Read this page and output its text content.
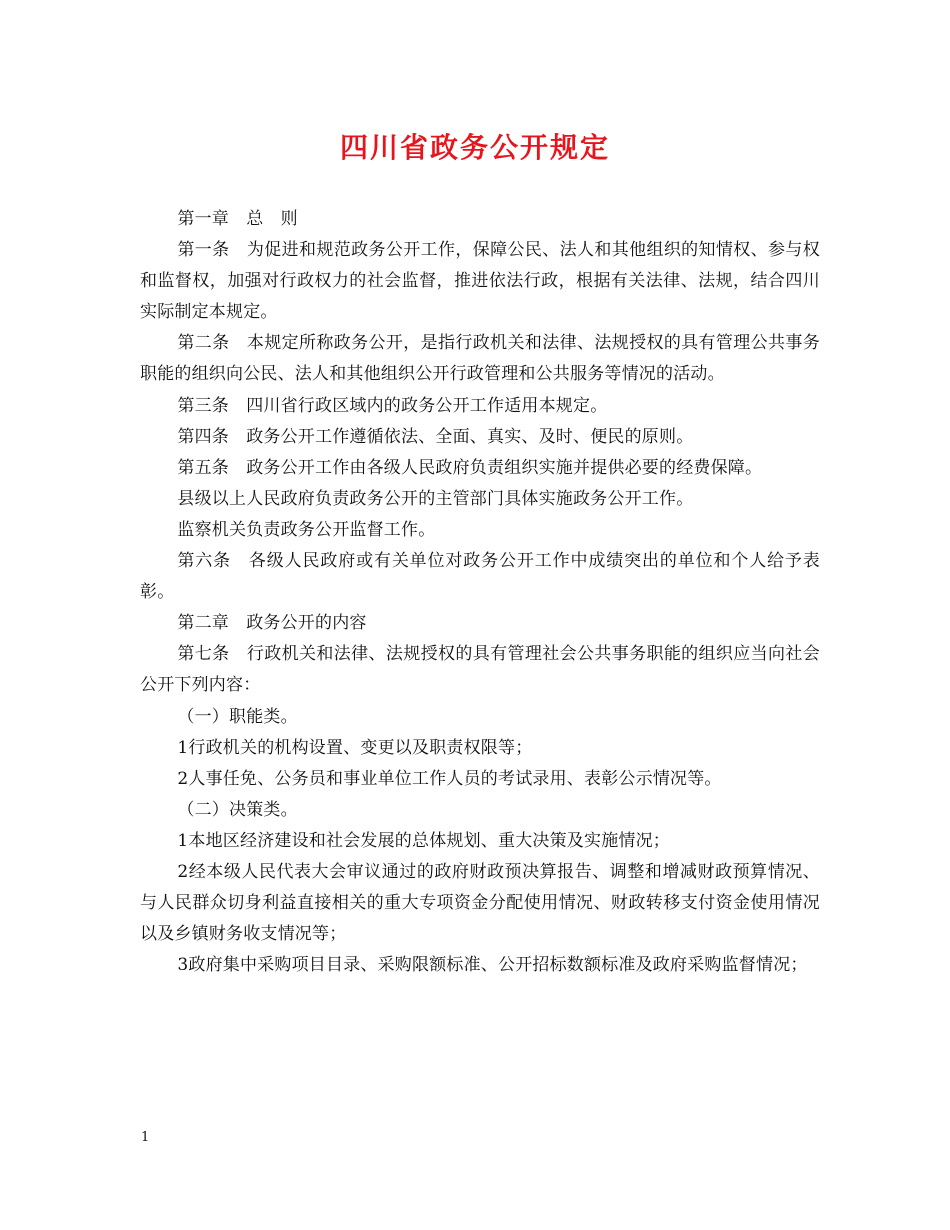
四川省政务公开规定

第一章　总　则

第一条　为促进和规范政务公开工作，保障公民、法人和其他组织的知情权、参与权和监督权，加强对行政权力的社会监督，推进依法行政，根据有关法律、法规，结合四川实际制定本规定。

第二条　本规定所称政务公开，是指行政机关和法律、法规授权的具有管理公共事务职能的组织向公民、法人和其他组织公开行政管理和公共服务等情况的活动。

第三条　四川省行政区域内的政务公开工作适用本规定。

第四条　政务公开工作遵循依法、全面、真实、及时、便民的原则。

第五条　政务公开工作由各级人民政府负责组织实施并提供必要的经费保障。

县级以上人民政府负责政务公开的主管部门具体实施政务公开工作。

监察机关负责政务公开监督工作。

第六条　各级人民政府或有关单位对政务公开工作中成绩突出的单位和个人给予表彰。

第二章　政务公开的内容

第七条　行政机关和法律、法规授权的具有管理社会公共事务职能的组织应当向社会公开下列内容：

（一）职能类。

1行政机关的机构设置、变更以及职责权限等；

2人事任免、公务员和事业单位工作人员的考试录用、表彰公示情况等。

（二）决策类。

1本地区经济建设和社会发展的总体规划、重大决策及实施情况；

2经本级人民代表大会审议通过的政府财政预决算报告、调整和增减财政预算情况、与人民群众切身利益直接相关的重大专项资金分配使用情况、财政转移支付资金使用情况以及乡镇财务收支情况等；

3政府集中采购项目目录、采购限额标准、公开招标数额标准及政府采购监督情况；

1
